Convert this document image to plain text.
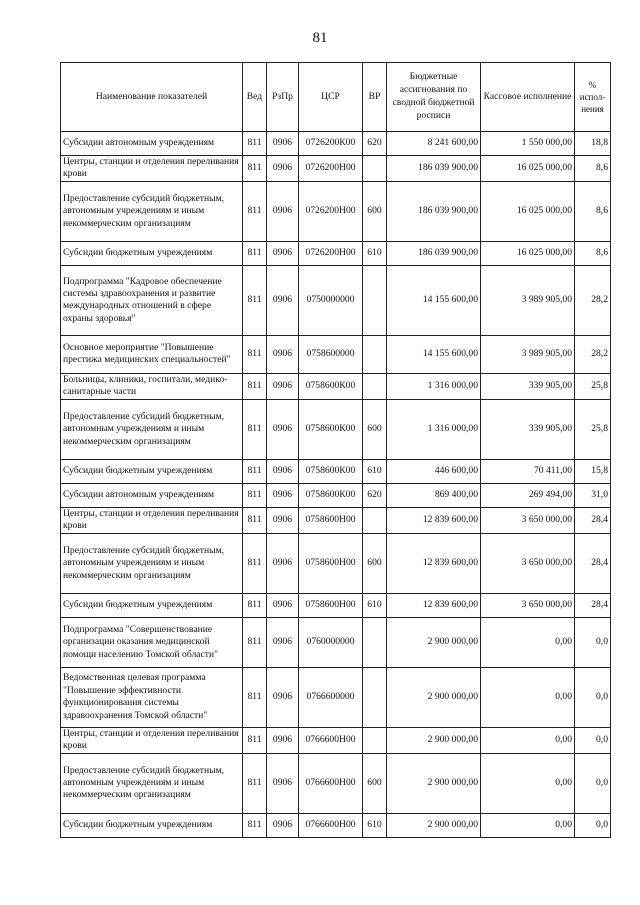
81
Наименование показателей	Вед	РзПр	ЦСР	ВР	Бюджетные ассигнования по сводной бюджетной росписи	Кассовое исполнение	% испол-нения
Субсидии автономным учреждениям	811	0906	0726200К00	620	8 241 600,00	1 550 000,00	18,8
Центры, станции и отделения переливания крови	811	0906	0726200Н00		186 039 900,00	16 025 000,00	8,6
Предоставление субсидий бюджетным, автономным учреждениям и иным некоммерческим организациям	811	0906	0726200Н00	600	186 039 900,00	16 025 000,00	8,6
Субсидии бюджетным учреждениям	811	0906	0726200Н00	610	186 039 900,00	16 025 000,00	8,6
Подпрограмма "Кадровое обеспечение системы здравоохранения и развитие международных отношений в сфере охраны здоровья"	811	0906	0750000000		14 155 600,00	3 989 905,00	28,2
Основное мероприятие "Повышение престижа медицинских специальностей"	811	0906	0758600000		14 155 600,00	3 989 905,00	28,2
Больницы, клиники, госпитали, медико-санитарные части	811	0906	0758600К00		1 316 000,00	339 905,00	25,8
Предоставление субсидий бюджетным, автономным учреждениям и иным некоммерческим организациям	811	0906	0758600К00	600	1 316 000,00	339 905,00	25,8
Субсидии бюджетным учреждениям	811	0906	0758600К00	610	446 600,00	70 411,00	15,8
Субсидии автономным учреждениям	811	0906	0758600К00	620	869 400,00	269 494,00	31,0
Центры, станции и отделения переливания крови	811	0906	0758600Н00		12 839 600,00	3 650 000,00	28,4
Предоставление субсидий бюджетным, автономным учреждениям и иным некоммерческим организациям	811	0906	0758600Н00	600	12 839 600,00	3 650 000,00	28,4
Субсидии бюджетным учреждениям	811	0906	0758600Н00	610	12 839 600,00	3 650 000,00	28,4
Подпрограмма "Совершенствование организации оказания медицинской помощи населению Томской области"	811	0906	0760000000		2 900 000,00	0,00	0,0
Ведомственная целевая программа "Повышение эффективности функционирования системы здравоохранения Томской области"	811	0906	0766600000		2 900 000,00	0,00	0,0
Центры, станции и отделения переливания крови	811	0906	0766600Н00		2 900 000,00	0,00	0,0
Предоставление субсидий бюджетным, автономным учреждениям и иным некоммерческим организациям	811	0906	0766600Н00	600	2 900 000,00	0,00	0,0
Субсидии бюджетным учреждениям	811	0906	0766600Н00	610	2 900 000,00	0,00	0,0
